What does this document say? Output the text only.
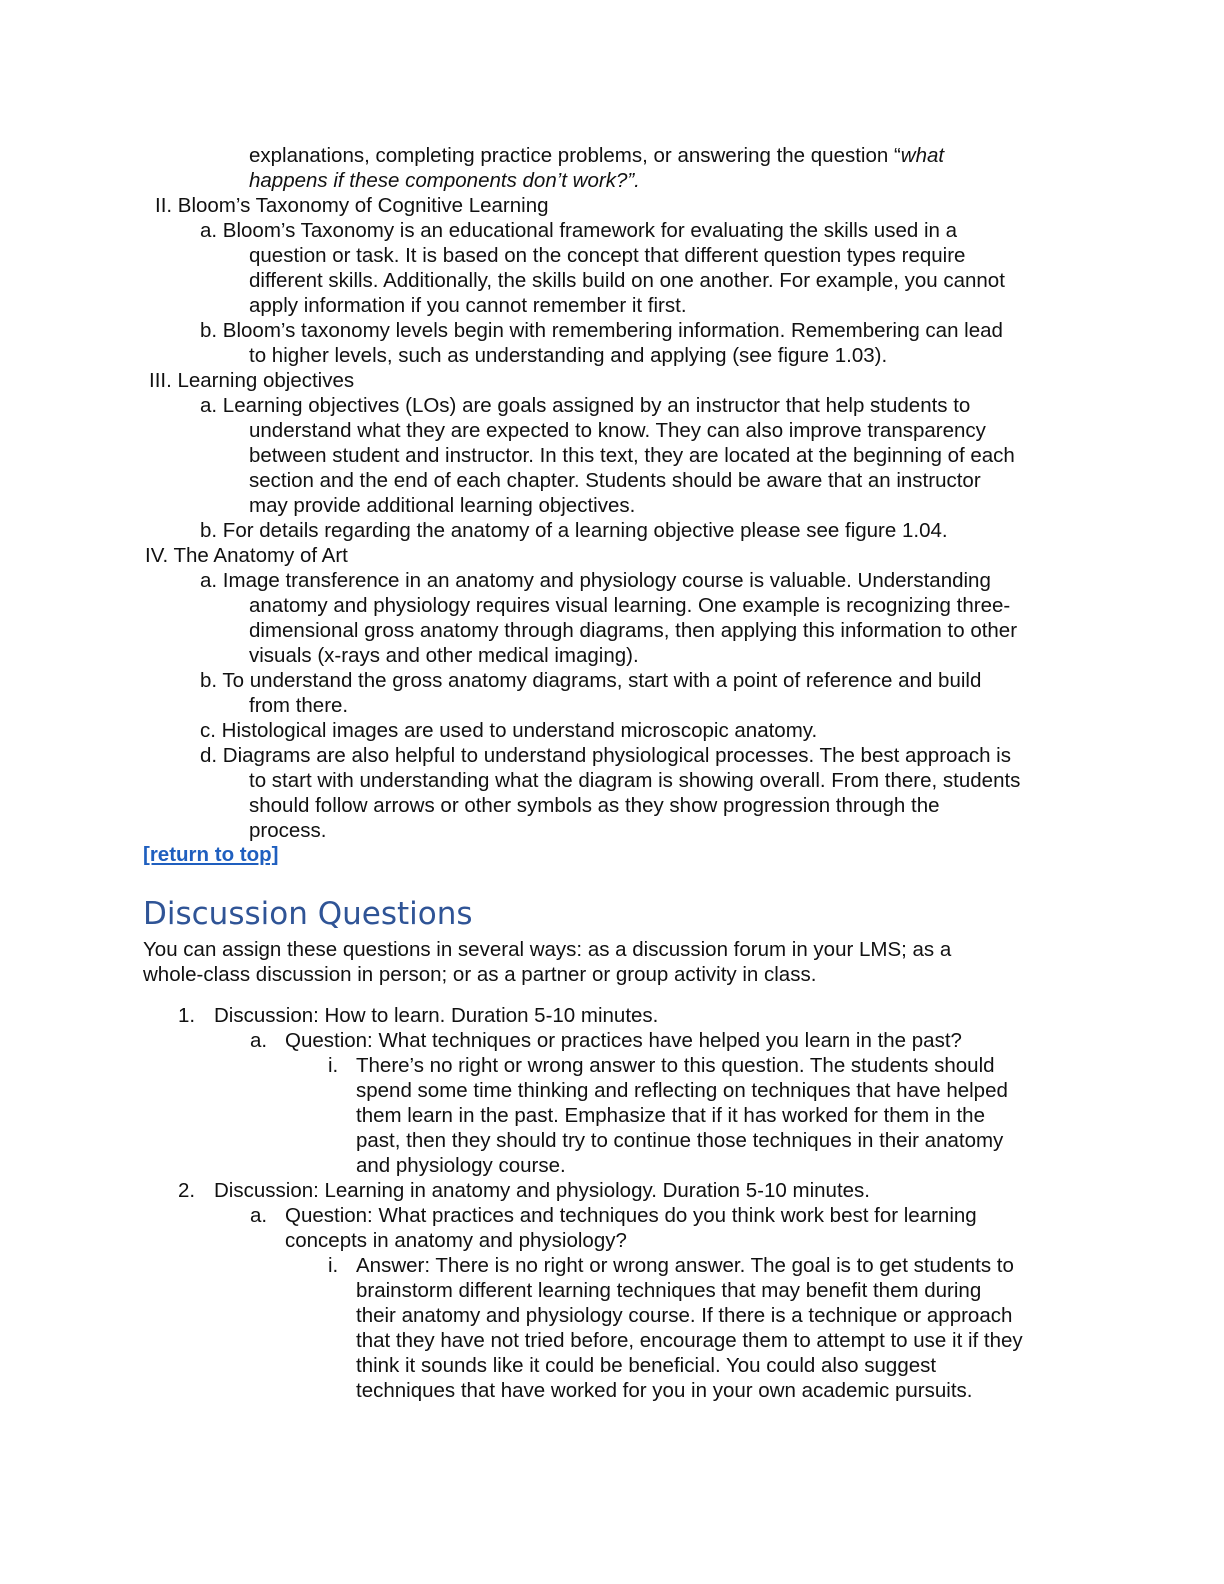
explanations, completing practice problems, or answering the question “what
happens if these components don’t work?”.
II. Bloom’s Taxonomy of Cognitive Learning
a. Bloom’s Taxonomy is an educational framework for evaluating the skills used in a
question or task. It is based on the concept that different question types require
different skills. Additionally, the skills build on one another. For example, you cannot
apply information if you cannot remember it first.
b. Bloom’s taxonomy levels begin with remembering information. Remembering can lead
to higher levels, such as understanding and applying (see figure 1.03).
III. Learning objectives
a. Learning objectives (LOs) are goals assigned by an instructor that help students to
understand what they are expected to know. They can also improve transparency
between student and instructor. In this text, they are located at the beginning of each
section and the end of each chapter. Students should be aware that an instructor
may provide additional learning objectives.
b. For details regarding the anatomy of a learning objective please see figure 1.04.
IV. The Anatomy of Art
a. Image transference in an anatomy and physiology course is valuable. Understanding
anatomy and physiology requires visual learning. One example is recognizing three-
dimensional gross anatomy through diagrams, then applying this information to other
visuals (x-rays and other medical imaging).
b. To understand the gross anatomy diagrams, start with a point of reference and build
from there.
c. Histological images are used to understand microscopic anatomy.
d. Diagrams are also helpful to understand physiological processes. The best approach is
to start with understanding what the diagram is showing overall. From there, students
should follow arrows or other symbols as they show progression through the
process.
[return to top]
Discussion Questions
You can assign these questions in several ways: as a discussion forum in your LMS; as a
whole-class discussion in person; or as a partner or group activity in class.
1. Discussion: How to learn. Duration 5-10 minutes.
a. Question: What techniques or practices have helped you learn in the past?
i. There’s no right or wrong answer to this question. The students should
spend some time thinking and reflecting on techniques that have helped
them learn in the past. Emphasize that if it has worked for them in the
past, then they should try to continue those techniques in their anatomy
and physiology course.
2. Discussion: Learning in anatomy and physiology. Duration 5-10 minutes.
a. Question: What practices and techniques do you think work best for learning
concepts in anatomy and physiology?
i. Answer: There is no right or wrong answer. The goal is to get students to
brainstorm different learning techniques that may benefit them during
their anatomy and physiology course. If there is a technique or approach
that they have not tried before, encourage them to attempt to use it if they
think it sounds like it could be beneficial. You could also suggest
techniques that have worked for you in your own academic pursuits.
